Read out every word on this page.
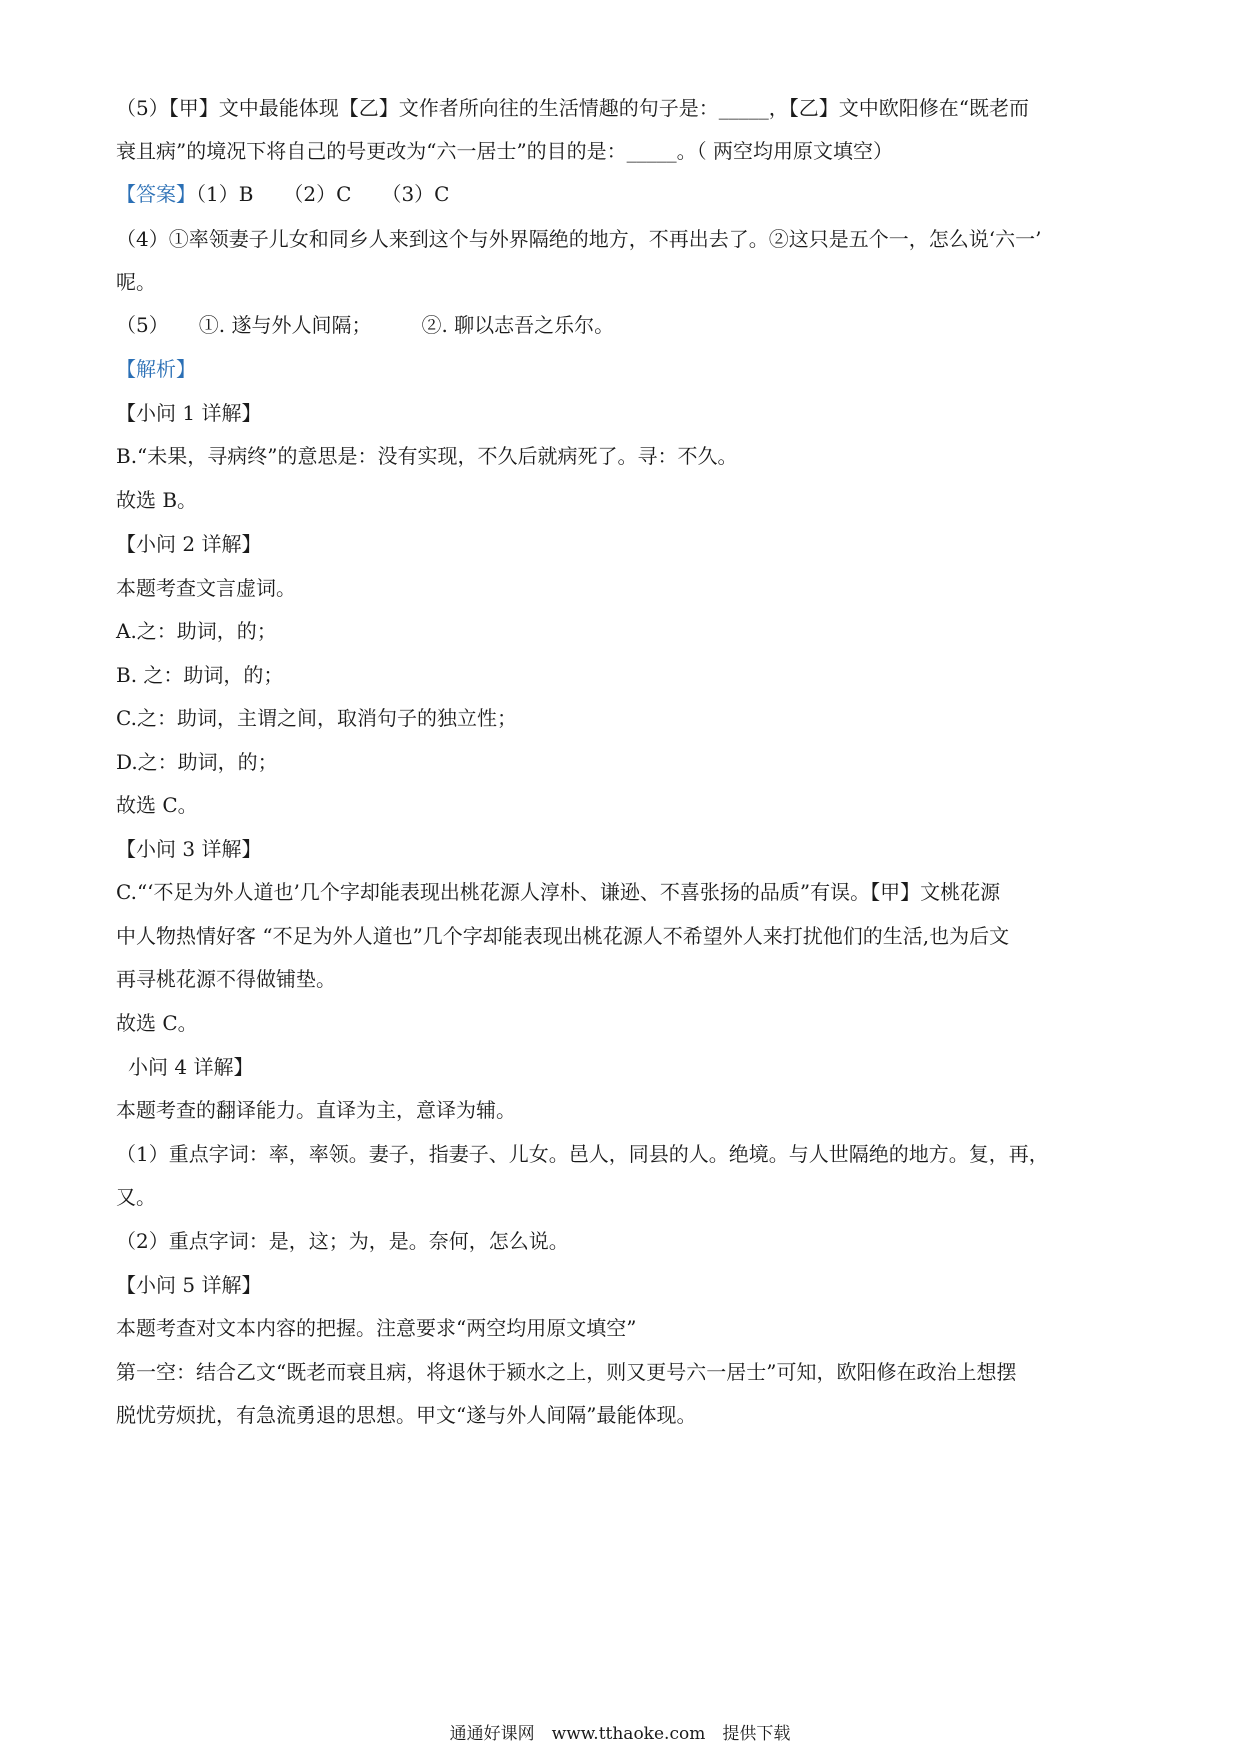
（5）【甲】文中最能体现【乙】文作者所向往的生活情趣的句子是：_____，【乙】文中欧阳修在“既老而
衰且病”的境况下将自己的号更改为“六一居士”的目的是：_____。（ 两空均用原文填空）
【答案】（1）B　　（2）C　　（3）C
（4）①率领妻子儿女和同乡人来到这个与外界隔绝的地方，不再出去了。②这只是五个一，怎么说‘六一’
呢。
（5）　　①. 遂与外人间隔；　　　②. 聊以志吾之乐尔。
【解析】
【小问 1 详解】
B.“未果，寻病终”的意思是：没有实现，不久后就病死了。寻：不久。
故选 B。
【小问 2 详解】
本题考查文言虚词。
A.之：助词，的；
B. 之：助词，的；
C.之：助词，主谓之间，取消句子的独立性；
D.之：助词，的；
故选 C。
【小问 3 详解】
C.“‘不足为外人道也’几个字却能表现出桃花源人淳朴、谦逊、不喜张扬的品质”有误。【甲】文桃花源
中人物热情好客 “不足为外人道也”几个字却能表现出桃花源人不希望外人来打扰他们的生活,也为后文
再寻桃花源不得做铺垫。
故选 C。
小问 4 详解】
本题考查的翻译能力。直译为主，意译为辅。
（1）重点字词：率，率领。妻子，指妻子、儿女。邑人，同县的人。绝境。与人世隔绝的地方。复，再，
又。
（2）重点字词：是，这；为，是。奈何，怎么说。
【小问 5 详解】
本题考查对文本内容的把握。注意要求“两空均用原文填空”
第一空：结合乙文“既老而衰且病，将退休于颍水之上，则又更号六一居士”可知，欧阳修在政治上想摆
脱忧劳烦扰，有急流勇退的思想。甲文“遂与外人间隔”最能体现。
通通好课网　www.tthaoke.com　提供下载
